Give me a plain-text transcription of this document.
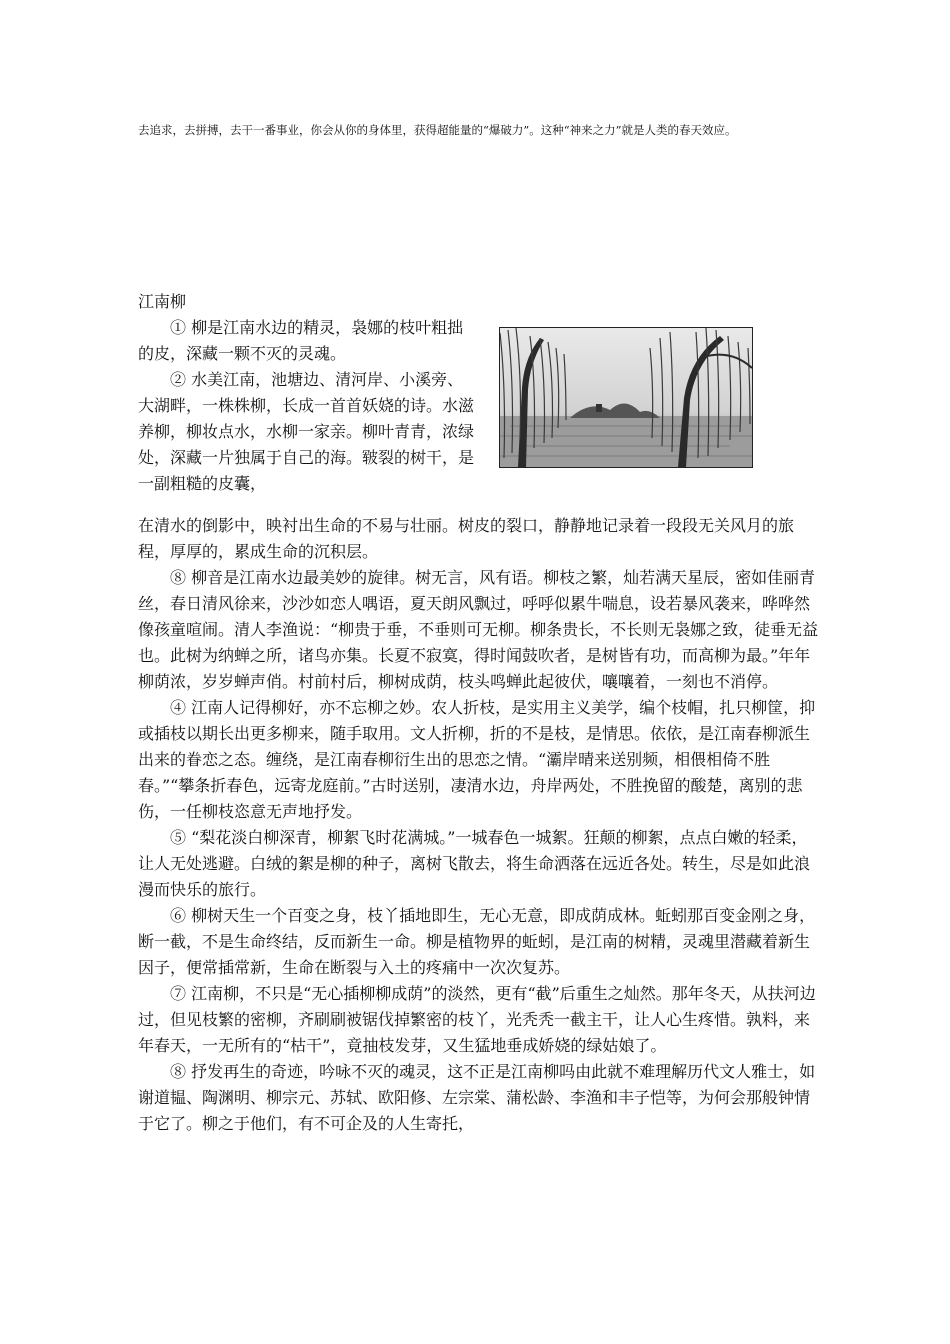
去追求，去拼搏，去干一番事业，你会从你的身体里，获得超能量的“爆破力”。这种“神来之力”就是人类的春天效应。
江南柳

① 柳是江南水边的精灵，袅娜的枝叶粗拙的皮，深藏一颗不灭的灵魂。

② 水美江南，池塘边、清河岸、小溪旁、大湖畔，一株株柳，长成一首首妖娆的诗。水滋养柳，柳妆点水，水柳一家亲。柳叶青青，浓绿处，深藏一片独属于自己的海。皲裂的树干，是一副粗糙的皮囊，

在清水的倒影中，映衬出生命的不易与壮丽。树皮的裂口，静静地记录着一段段无关风月的旅程，厚厚的，累成生命的沉积层。

⑧ 柳音是江南水边最美妙的旋律。树无言，风有语。柳枝之繁，灿若满天星辰，密如佳丽青丝，春日清风徐来，沙沙如恋人喁语，夏天朗风飘过，呼呼似累牛喘息，设若暴风袭来，哗哗然像孩童喧闹。清人李渔说：“柳贵于垂，不垂则可无柳。柳条贵长，不长则无袅娜之致，徒垂无益也。此树为纳蝉之所，诸鸟亦集。长夏不寂寞，得时闻鼓吹者，是树皆有功，而高柳为最。”年年柳荫浓，岁岁蝉声俏。村前村后，柳树成荫，枝头鸣蝉此起彼伏，嚷嚷着，一刻也不消停。

④ 江南人记得柳好，亦不忘柳之妙。农人折枝，是实用主义美学，编个枝帽，扎只柳筐，抑或插枝以期长出更多柳来，随手取用。文人折柳，折的不是枝，是情思。依依，是江南春柳派生出来的眷恋之态。缠绕，是江南春柳衍生出的思恋之情。“灞岸晴来送别频，相偎相倚不胜春。”“攀条折春色，远寄龙庭前。”古时送别，凄清水边，舟岸两处，不胜挽留的酸楚，离别的悲伤，一任柳枝恣意无声地抒发。

⑤ “梨花淡白柳深青，柳絮飞时花满城。”一城春色一城絮。狂颠的柳絮，点点白嫩的轻柔，让人无处逃避。白绒的絮是柳的种子，离树飞散去，将生命洒落在远近各处。转生，尽是如此浪漫而快乐的旅行。

⑥ 柳树天生一个百变之身，枝丫插地即生，无心无意，即成荫成林。蚯蚓那百变金刚之身，断一截，不是生命终结，反而新生一命。柳是植物界的蚯蚓，是江南的树精，灵魂里潜藏着新生因子，便常插常新，生命在断裂与入土的疼痛中一次次复苏。

⑦ 江南柳，不只是“无心插柳柳成荫”的淡然，更有“截”后重生之灿然。那年冬天，从扶河边过，但见枝繁的密柳，齐刷刷被锯伐掉繁密的枝丫，光秃秃一截主干，让人心生疼惜。孰料，来年春天，一无所有的“枯干”，竟抽枝发芽，又生猛地垂成娇娆的绿姑娘了。

⑧ 抒发再生的奇迹，吟咏不灭的魂灵，这不正是江南柳吗由此就不难理解历代文人雅士，如谢道韫、陶渊明、柳宗元、苏轼、欧阳修、左宗棠、蒲松龄、李渔和丰子恺等，为何会那般钟情于它了。柳之于他们，有不可企及的人生寄托，
